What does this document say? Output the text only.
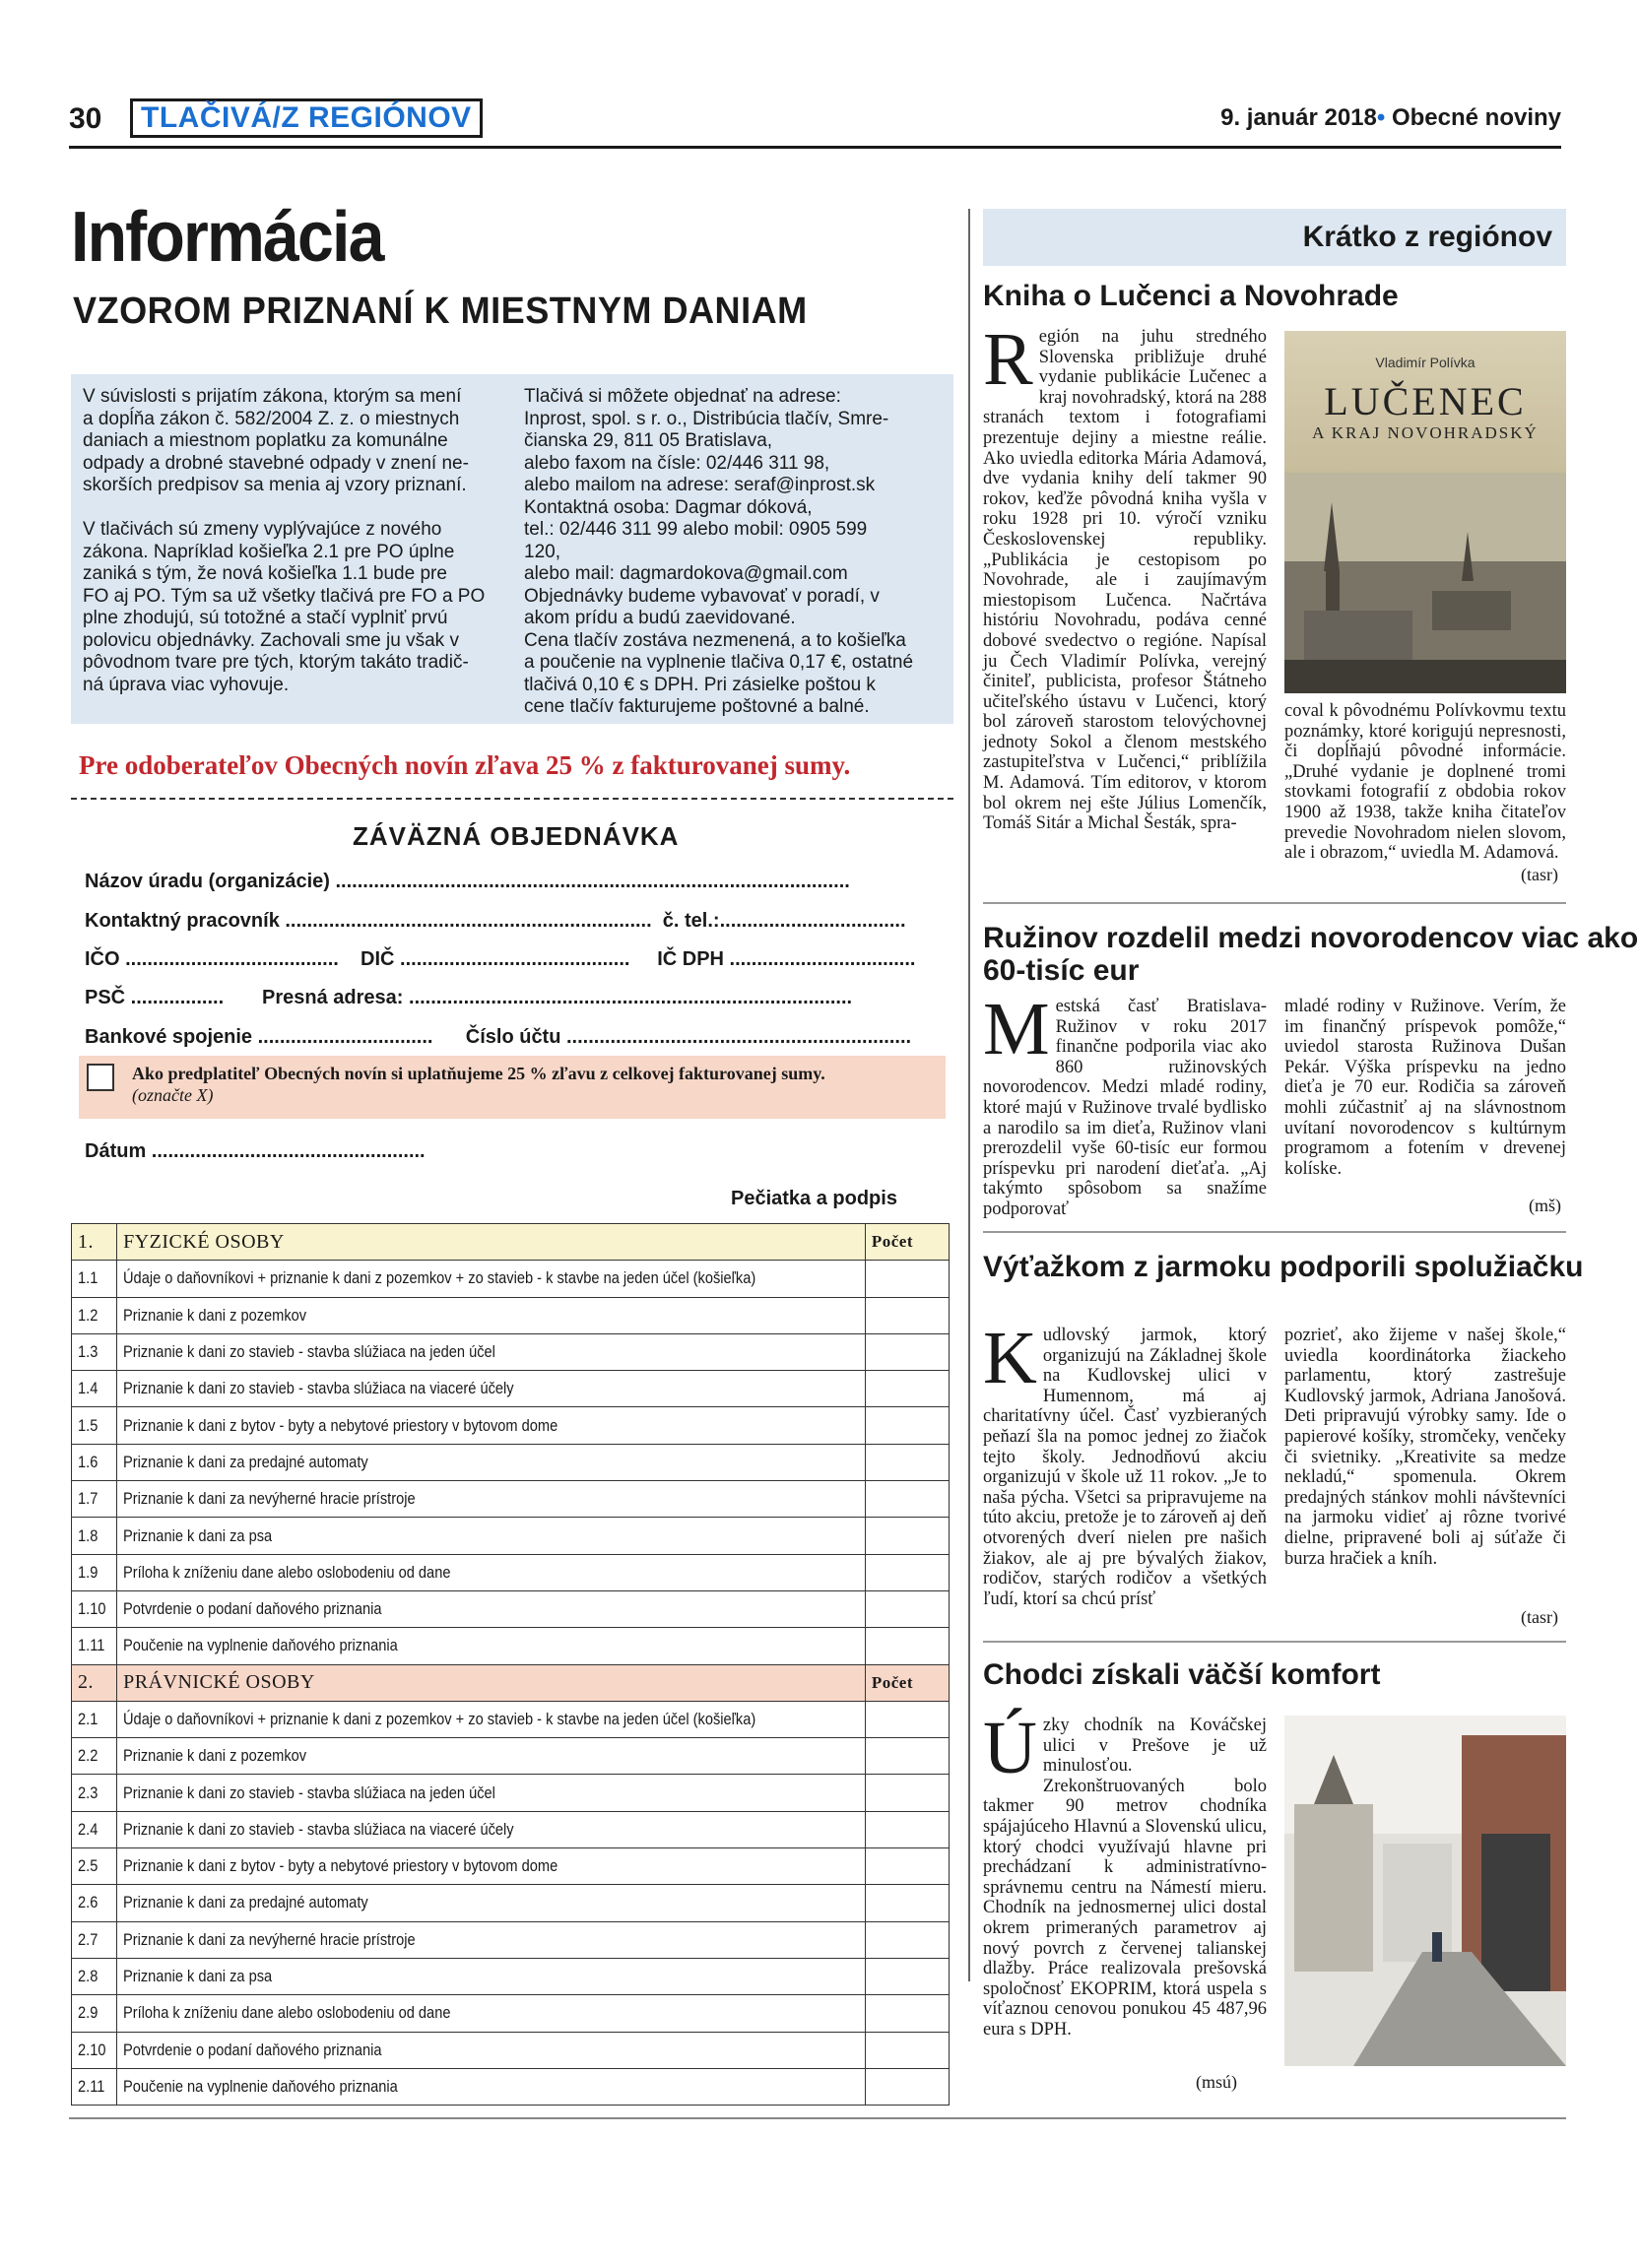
30	TLAČIVÁ/Z REGIÓNOV	9. január 2018• Obecné noviny
Informácia
VZOROM PRIZNANÍ K MIESTNYM DANIAM
V súvislosti s prijatím zákona, ktorým sa mení
a dopĺňa zákon č. 582/2004 Z. z. o miestnych
daniach a miestnom poplatku za komunálne
odpady a drobné stavebné odpady v znení ne-
skorších predpisov sa menia aj vzory priznaní.

V tlačivách sú zmeny vyplývajúce z nového
zákona. Napríklad košieľka 2.1 pre PO úplne
zaniká s tým, že nová košieľka 1.1 bude pre
FO aj PO. Tým sa už všetky tlačivá pre FO a PO
plne zhodujú, sú totožné a stačí vyplniť prvú
polovicu objednávky. Zachovali sme ju však v
pôvodnom tvare pre tých, ktorým takáto tradič-
ná úprava viac vyhovuje.
Tlačivá si môžete objednať na adrese:
Inprost, spol. s r. o., Distribúcia tlačív, Smre-
čianska 29, 811 05 Bratislava,
alebo faxom na čísle: 02/446 311 98,
alebo mailom na adrese: seraf@inprost.sk
Kontaktná osoba: Dagmar dóková,
tel.: 02/446 311 99 alebo mobil: 0905 599
120,
alebo mail: dagmardokova@gmail.com
Objednávky budeme vybavovať v poradí, v
akom prídu a budú zaevidované.
Cena tlačív zostáva nezmenená, a to košieľka
a poučenie na vyplnenie tlačiva 0,17 €, ostatné
tlačivá 0,10 € s DPH. Pri zásielke poštou k
cene tlačív fakturujeme poštovné a balné.
Pre odoberateľov Obecných novín zľava 25 % z fakturovanej sumy.
ZÁVÄZNÁ OBJEDNÁVKA
Názov úradu (organizácie) ..............................................................................................
Kontaktný pracovník ...................................................................  č. tel.:..................................
IČO .......................................    DIČ ..........................................     IČ DPH ..................................
PSČ .................       Presná adresa: .................................................................................
Bankové spojenie ................................      Číslo účtu ...............................................................
Ako predplatiteľ Obecných novín si uplatňujeme 25 % zľavu z celkovej fakturovanej sumy.
(označte X)
Dátum ..................................................
Pečiatka a podpis
1.	FYZICKÉ OSOBY	Počet
1.1	Údaje o daňovníkovi + priznanie k dani z pozemkov + zo stavieb - k stavbe na jeden účel (košieľka)	
1.2	Priznanie k dani z pozemkov	
1.3	Priznanie k dani zo stavieb - stavba slúžiaca na jeden účel	
1.4	Priznanie k dani zo stavieb - stavba slúžiaca na viaceré účely	
1.5	Priznanie k dani z bytov - byty a nebytové priestory v bytovom dome	
1.6	Priznanie k dani za predajné automaty	
1.7	Priznanie k dani za nevýherné hracie prístroje	
1.8	Priznanie k dani za psa	
1.9	Príloha k zníženiu dane alebo oslobodeniu od dane	
1.10	Potvrdenie o podaní daňového priznania	
1.11	Poučenie na vyplnenie daňového priznania	
2.	PRÁVNICKÉ OSOBY	Počet
2.1	Údaje o daňovníkovi + priznanie k dani z pozemkov + zo stavieb - k stavbe na jeden účel (košieľka)	
2.2	Priznanie k dani z pozemkov	
2.3	Priznanie k dani zo stavieb - stavba slúžiaca na jeden účel	
2.4	Priznanie k dani zo stavieb - stavba slúžiaca na viaceré účely	
2.5	Priznanie k dani z bytov - byty a nebytové priestory v bytovom dome	
2.6	Priznanie k dani za predajné automaty	
2.7	Priznanie k dani za nevýherné hracie prístroje	
2.8	Priznanie k dani za psa	
2.9	Príloha k zníženiu dane alebo oslobodeniu od dane	
2.10	Potvrdenie o podaní daňového priznania	
2.11	Poučenie na vyplnenie daňového priznania	
Krátko z regiónov
Kniha o Lučenci a Novohrade
Región na juhu stredného Slovenska približuje druhé vydanie publikácie Lučenec a kraj novohradský, ktorá na 288 stranách textom i fotografiami prezentuje dejiny a miestne reálie. Ako uviedla editorka Mária Adamová, dve vydania knihy delí takmer 90 rokov, keďže pôvodná kniha vyšla v roku 1928 pri 10. výročí vzniku Československej republiky. „Publikácia je cestopisom po Novohrade, ale i zaujímavým miestopisom Lučenca. Načrtáva históriu Novohradu, podáva cenné dobové svedectvo o regióne. Napísal ju Čech Vladimír Polívka, verejný činiteľ, publicista, profesor Štátneho učiteľského ústavu v Lučenci, ktorý bol zároveň starostom telovýchovnej jednoty Sokol a členom mestského zastupiteľstva v Lučenci,“ priblížila M. Adamová. Tím editorov, v ktorom bol okrem nej ešte Július Lomenčík, Tomáš Sitár a Michal Šesták, spra-
Vladimír Polívka
LUČENEC
A KRAJ NOVOHRADSKÝ
coval k pôvodnému Polívkovmu textu poznámky, ktoré korigujú nepresnosti, či dopĺňajú pôvodné informácie. „Druhé vydanie je doplnené tromi stovkami fotografií z obdobia rokov 1900 až 1938, takže kniha čitateľov prevedie Novohradom nielen slovom, ale i obrazom,“ uviedla M. Adamová.
(tasr)
Ružinov rozdelil medzi novorodencov viac ako 60-tisíc eur
Mestská časť Bratislava-Ružinov v roku 2017 finančne podporila viac ako 860 ružinovských novorodencov. Medzi mladé rodiny, ktoré majú v Ružinove trvalé bydlisko a narodilo sa im dieťa, Ružinov vlani prerozdelil vyše 60-tisíc eur formou príspevku pri narodení dieťaťa. „Aj takýmto spôsobom sa snažíme podporovať
mladé rodiny v Ružinove. Verím, že im finančný príspevok pomôže,“ uviedol starosta Ružinova Dušan Pekár. Výška príspevku na jedno dieťa je 70 eur. Rodičia sa zároveň mohli zúčastniť aj na slávnostnom uvítaní novorodencov s kultúrnym programom a fotením v drevenej kolíske.
(mš)
Výťažkom z jarmoku podporili spolužiačku
Kudlovský jarmok, ktorý organizujú na Základnej škole na Kudlovskej ulici v Humennom, má aj charitatívny účel. Časť vyzbieraných peňazí šla na pomoc jednej zo žiačok tejto školy. Jednodňovú akciu organizujú v škole už 11 rokov. „Je to naša pýcha. Všetci sa pripravujeme na túto akciu, pretože je to zároveň aj deň otvorených dverí nielen pre našich žiakov, ale aj pre bývalých žiakov, rodičov, starých rodičov a všetkých ľudí, ktorí sa chcú prísť
pozrieť, ako žijeme v našej škole,“ uviedla koordinátorka žiackeho parlamentu, ktorý zastrešuje Kudlovský jarmok, Adriana Janošová. Deti pripravujú výrobky samy. Ide o papierové košíky, stromčeky, venčeky či svietniky. „Kreativite sa medze nekladú,“ spomenula. Okrem predajných stánkov mohli návštevníci na jarmoku vidieť aj rôzne tvorivé dielne, pripravené boli aj súťaže či burza hračiek a kníh.
(tasr)
Chodci získali väčší komfort
Úzky chodník na Kováčskej ulici v Prešove je už minulosťou. Zrekonštruovaných bolo takmer 90 metrov chodníka spájajúceho Hlavnú a Slovenskú ulicu, ktorý chodci využívajú hlavne pri prechádzaní k administratívno-správnemu centru na Námestí mieru. Chodník na jednosmernej ulici dostal okrem primeraných parametrov aj nový povrch z červenej talianskej dlažby. Práce realizovala prešovská spoločnosť EKOPRIM, ktorá uspela s víťaznou cenovou ponukou 45 487,96 eura s DPH.
(msú)
